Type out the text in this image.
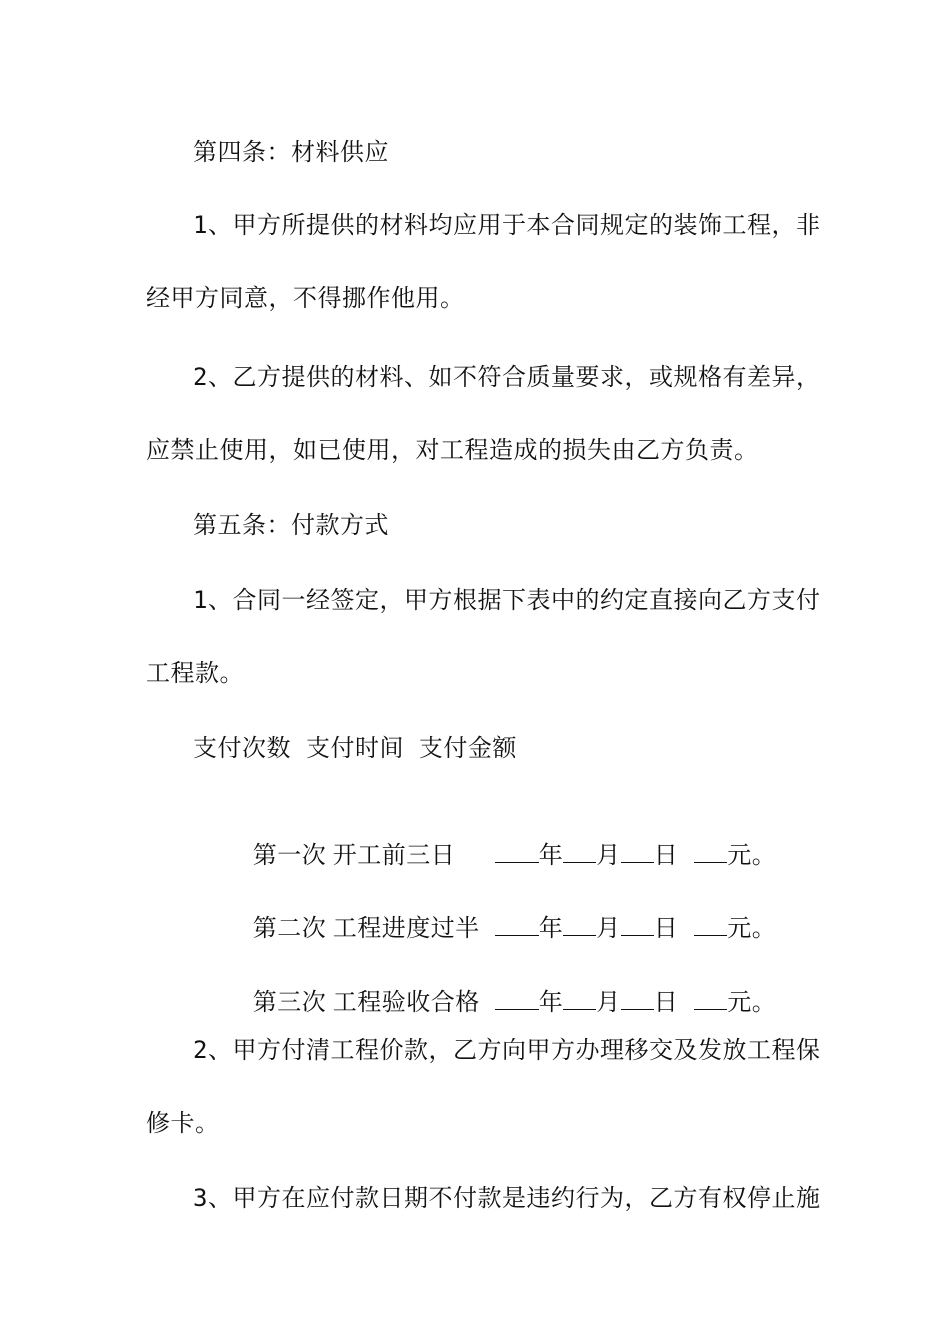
第四条：材料供应
1、甲方所提供的材料均应用于本合同规定的装饰工程，非
经甲方同意，不得挪作他用。
2、乙方提供的材料、如不符合质量要求，或规格有差异，
应禁止使用，如已使用，对工程造成的损失由乙方负责。
第五条：付款方式
1、合同一经签定，甲方根据下表中的约定直接向乙方支付
工程款。
支付次数 支付时间 支付金额

第一次 开工前三日	年 月 日 元。

第二次 工程进度过半 年 月 日 元。

第三次 工程验收合格 年 月 日 元。

2、甲方付清工程价款，乙方向甲方办理移交及发放工程保
修卡。
3、甲方在应付款日期不付款是违约行为，乙方有权停止施
